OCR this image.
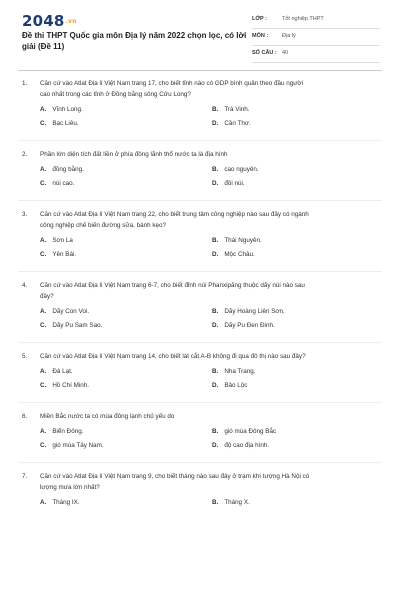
2048.vn
Đề thi THPT Quốc gia môn Địa lý năm 2022 chọn lọc, có lời giải (Đề 11)
LỚP :	Tốt nghiệp THPT
MÔN :	Địa lý
SỐ CÂU : 40
1. Căn cứ vào Atlat Địa lí Việt Nam trang 17, cho biết tỉnh nào có GDP bình quân theo đầu người
cao nhất trong các tỉnh ở Đồng bằng sông Cửu Long?
A. Vĩnh Long.	B. Trà Vinh.
C. Bạc Liêu.	D. Cần Thơ.
2. Phần lớn diện tích đất liền ở phía đông lãnh thổ nước ta là địa hình
A. đồng bằng.	B. cao nguyên.
C. núi cao.	D. đồi núi.
3. Căn cứ vào Atlat Địa lí Việt Nam trang 22, cho biết trung tâm công nghiệp nào sau đây có ngành
công nghiệp chế biến đường sữa, bánh kẹo?
A. Sơn La	B. Thái Nguyên.
C. Yên Bái.	D. Mộc Châu.
4. Căn cứ vào Atlat Địa lí Việt Nam trang 6-7, cho biết đỉnh núi Phanxipăng thuộc dãy núi nào sau
đây?
A. Dãy Con Voi.	B. Dãy Hoàng Liên Sơn.
C. Dãy Pu Sam Sao.	D. Dãy Pu Đen Đinh.
5. Căn cứ vào Atlat Địa lí Việt Nam trang 14, cho biết lát cắt A-B không đi qua đô thị nào sau đây?
A. Đà Lạt.	B. Nha Trang.
C. Hồ Chí Minh.	D. Bảo Lộc
6. Miền Bắc nước ta có mùa đông lạnh chủ yếu do
A. Biển Đông.	B. gió mùa Đông Bắc
C. gió mùa Tây Nam.	D. độ cao địa hình.
7. Căn cứ vào Atlat Địa lí Việt Nam trang 9, cho biết tháng nào sau đây ở trạm khí tượng Hà Nội có
lượng mưa lớn nhất?
A. Tháng IX.	B. Tháng X.
